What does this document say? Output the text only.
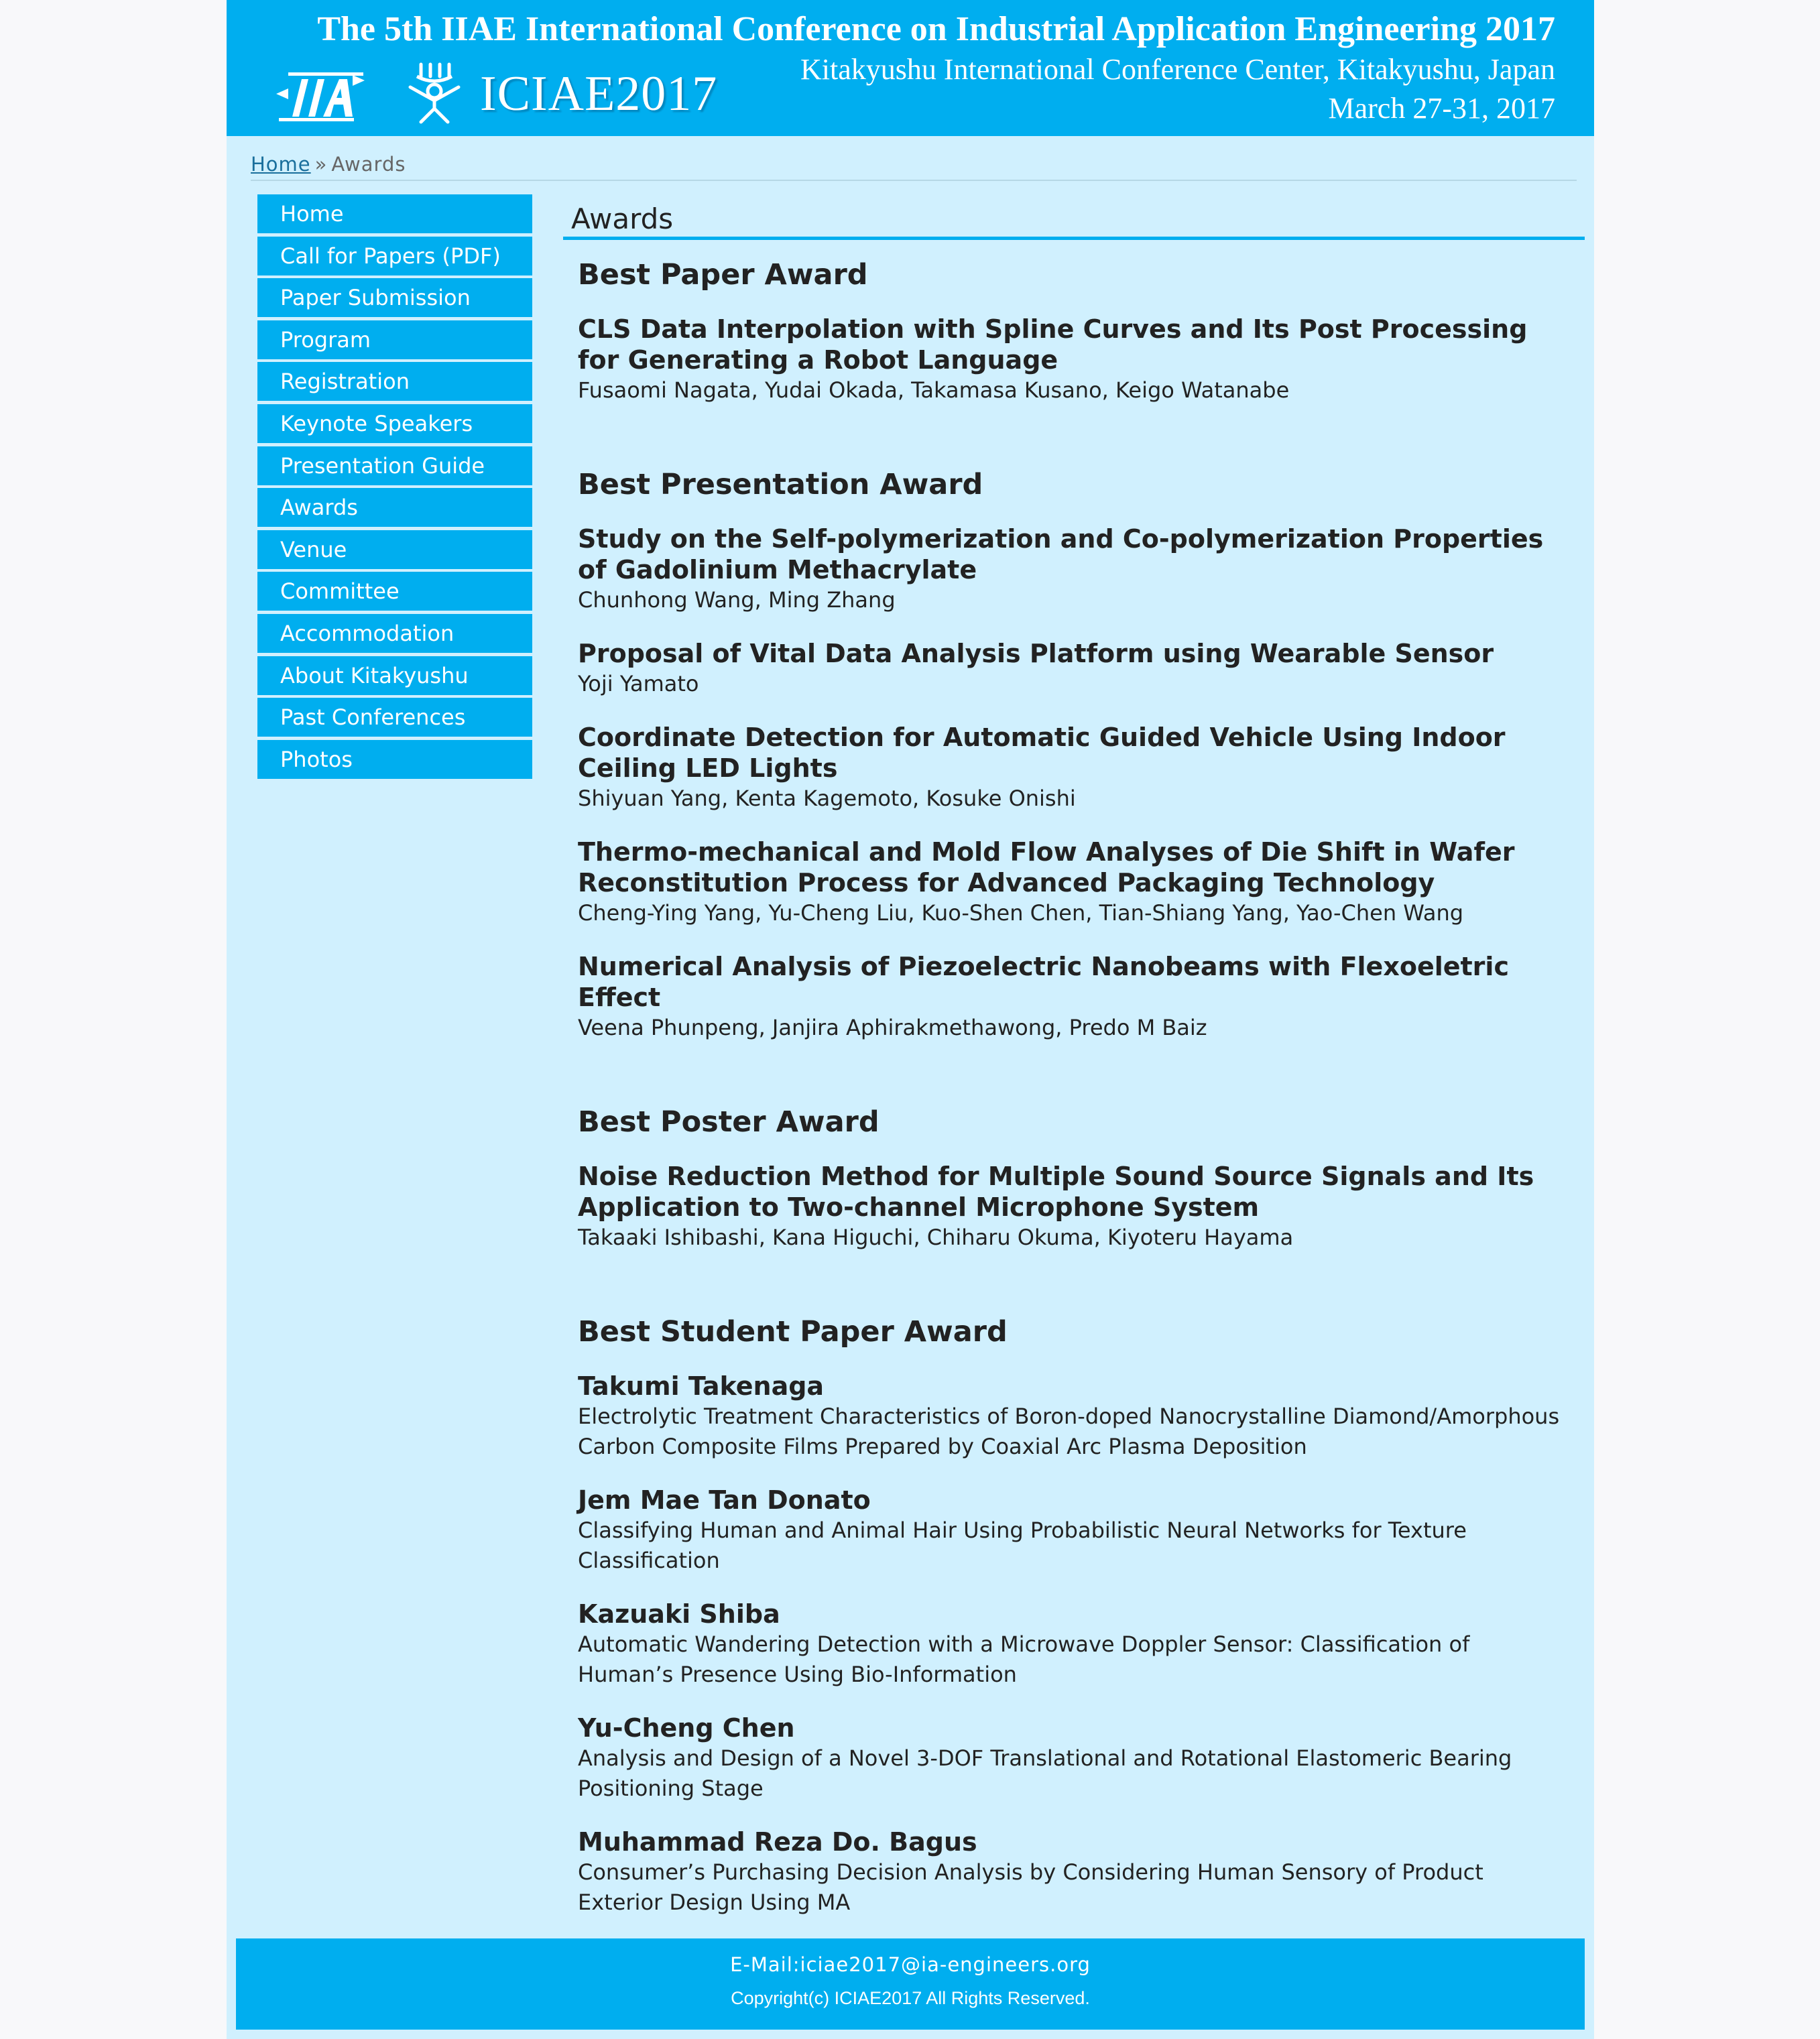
ICIAE2017
The 5th IIAE International Conference on Industrial Application Engineering 2017
Kitakyushu International Conference Center, Kitakyushu, Japan
March 27-31, 2017
Home » Awards
Home
Call for Papers (PDF)
Paper Submission
Program
Registration
Keynote Speakers
Presentation Guide
Awards
Venue
Committee
Accommodation
About Kitakyushu
Past Conferences
Photos
Awards
Best Paper Award
CLS Data Interpolation with Spline Curves and Its Post Processing for Generating a Robot Language
Fusaomi Nagata, Yudai Okada, Takamasa Kusano, Keigo Watanabe
Best Presentation Award
Study on the Self-polymerization and Co-polymerization Properties of Gadolinium Methacrylate
Chunhong Wang, Ming Zhang
Proposal of Vital Data Analysis Platform using Wearable Sensor
Yoji Yamato
Coordinate Detection for Automatic Guided Vehicle Using Indoor Ceiling LED Lights
Shiyuan Yang, Kenta Kagemoto, Kosuke Onishi
Thermo-mechanical and Mold Flow Analyses of Die Shift in Wafer Reconstitution Process for Advanced Packaging Technology
Cheng-Ying Yang, Yu-Cheng Liu, Kuo-Shen Chen, Tian-Shiang Yang, Yao-Chen Wang
Numerical Analysis of Piezoelectric Nanobeams with Flexoeletric Effect
Veena Phunpeng, Janjira Aphirakmethawong, Predo M Baiz
Best Poster Award
Noise Reduction Method for Multiple Sound Source Signals and Its Application to Two-channel Microphone System
Takaaki Ishibashi, Kana Higuchi, Chiharu Okuma, Kiyoteru Hayama
Best Student Paper Award
Takumi Takenaga
Electrolytic Treatment Characteristics of Boron-doped Nanocrystalline Diamond/Amorphous Carbon Composite Films Prepared by Coaxial Arc Plasma Deposition
Jem Mae Tan Donato
Classifying Human and Animal Hair Using Probabilistic Neural Networks for Texture Classification
Kazuaki Shiba
Automatic Wandering Detection with a Microwave Doppler Sensor: Classification of Human’s Presence Using Bio-Information
Yu-Cheng Chen
Analysis and Design of a Novel 3-DOF Translational and Rotational Elastomeric Bearing Positioning Stage
Muhammad Reza Do. Bagus
Consumer’s Purchasing Decision Analysis by Considering Human Sensory of Product Exterior Design Using MA
E-Mail:iciae2017@ia-engineers.org
Copyright(c) ICIAE2017 All Rights Reserved.
